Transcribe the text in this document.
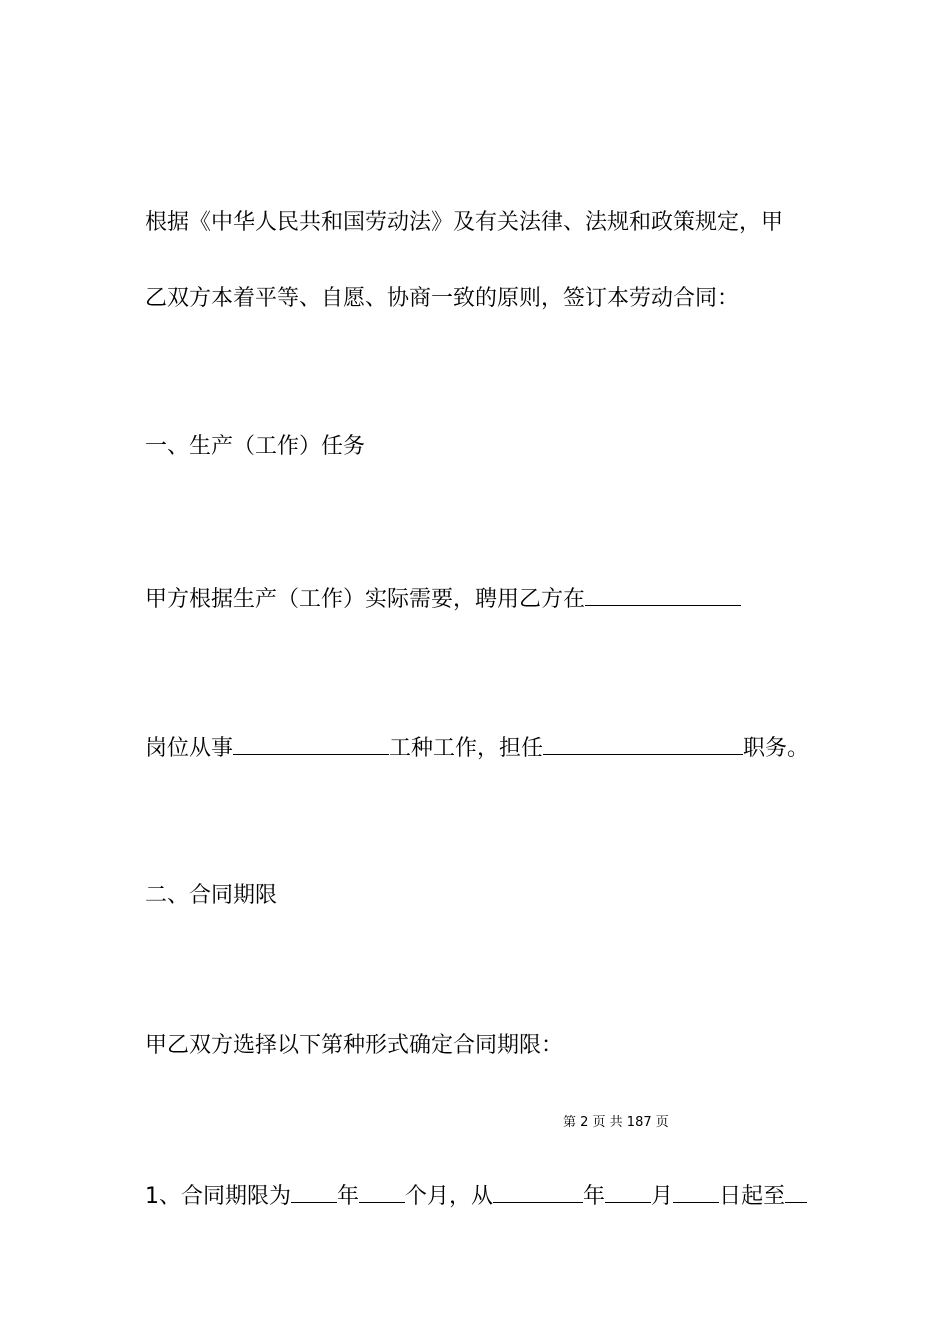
根据《中华人民共和国劳动法》及有关法律、法规和政策规定，甲
乙双方本着平等、自愿、协商一致的原则，签订本劳动合同：
一、生产（工作）任务
甲方根据生产（工作）实际需要，聘用乙方在
岗位从事	工种工作，担任	职务。
二、合同期限
甲乙双方选择以下第种形式确定合同期限：
第 2 页 共 187 页
1、合同期限为 年 个月，从	年 月 日起至
